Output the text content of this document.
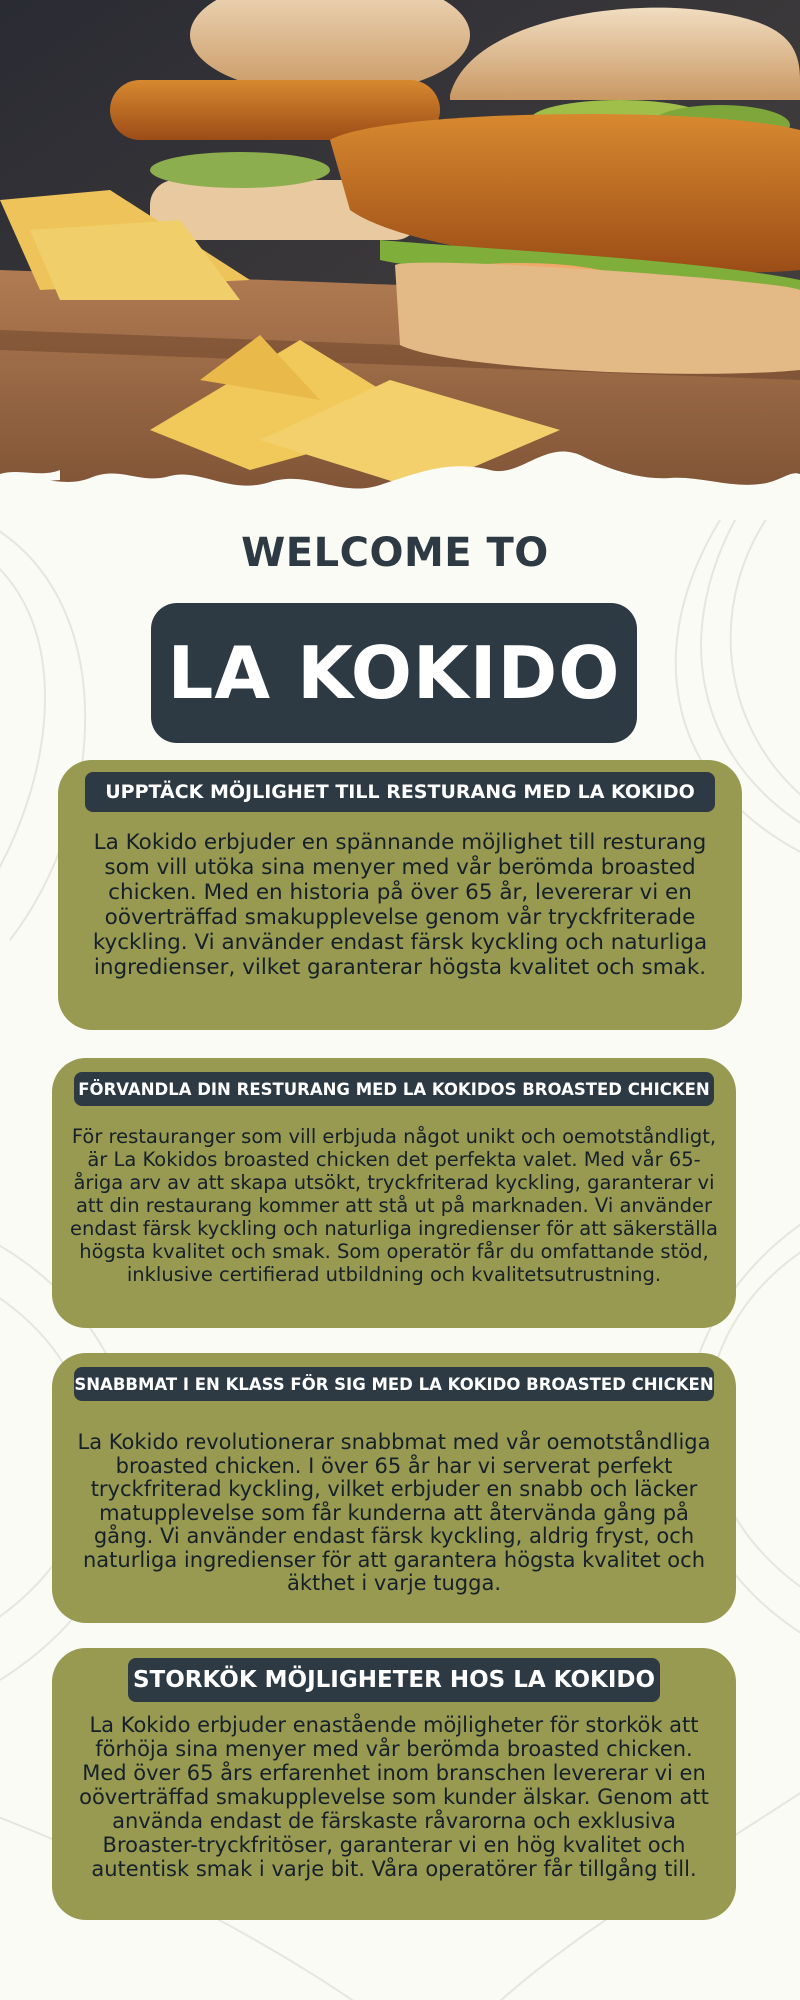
WELCOME TO
LA KOKIDO
UPPTÄCK MÖJLIGHET TILL RESTURANG MED LA KOKIDO
La Kokido erbjuder en spännande möjlighet till resturang som vill utöka sina menyer med vår berömda broasted chicken. Med en historia på över 65 år, levererar vi en oöverträffad smakupplevelse genom vår tryckfriterade kyckling. Vi använder endast färsk kyckling och naturliga ingredienser, vilket garanterar högsta kvalitet och smak.
FÖRVANDLA DIN RESTURANG MED LA KOKIDOS BROASTED CHICKEN
För restauranger som vill erbjuda något unikt och oemotståndligt, är La Kokidos broasted chicken det perfekta valet. Med vår 65-åriga arv av att skapa utsökt, tryckfriterad kyckling, garanterar vi att din restaurang kommer att stå ut på marknaden. Vi använder endast färsk kyckling och naturliga ingredienser för att säkerställa högsta kvalitet och smak. Som operatör får du omfattande stöd, inklusive certifierad utbildning och kvalitetsutrustning.
SNABBMAT I EN KLASS FÖR SIG MED LA KOKIDO BROASTED CHICKEN
La Kokido revolutionerar snabbmat med vår oemotståndliga broasted chicken. I över 65 år har vi serverat perfekt tryckfriterad kyckling, vilket erbjuder en snabb och läcker matupplevelse som får kunderna att återvända gång på gång. Vi använder endast färsk kyckling, aldrig fryst, och naturliga ingredienser för att garantera högsta kvalitet och äkthet i varje tugga.
STORKÖK MÖJLIGHETER HOS LA KOKIDO
La Kokido erbjuder enastående möjligheter för storkök att förhöja sina menyer med vår berömda broasted chicken. Med över 65 års erfarenhet inom branschen levererar vi en oöverträffad smakupplevelse som kunder älskar. Genom att använda endast de färskaste råvarorna och exklusiva Broaster-tryckfritöser, garanterar vi en hög kvalitet och autentisk smak i varje bit. Våra operatörer får tillgång till.
